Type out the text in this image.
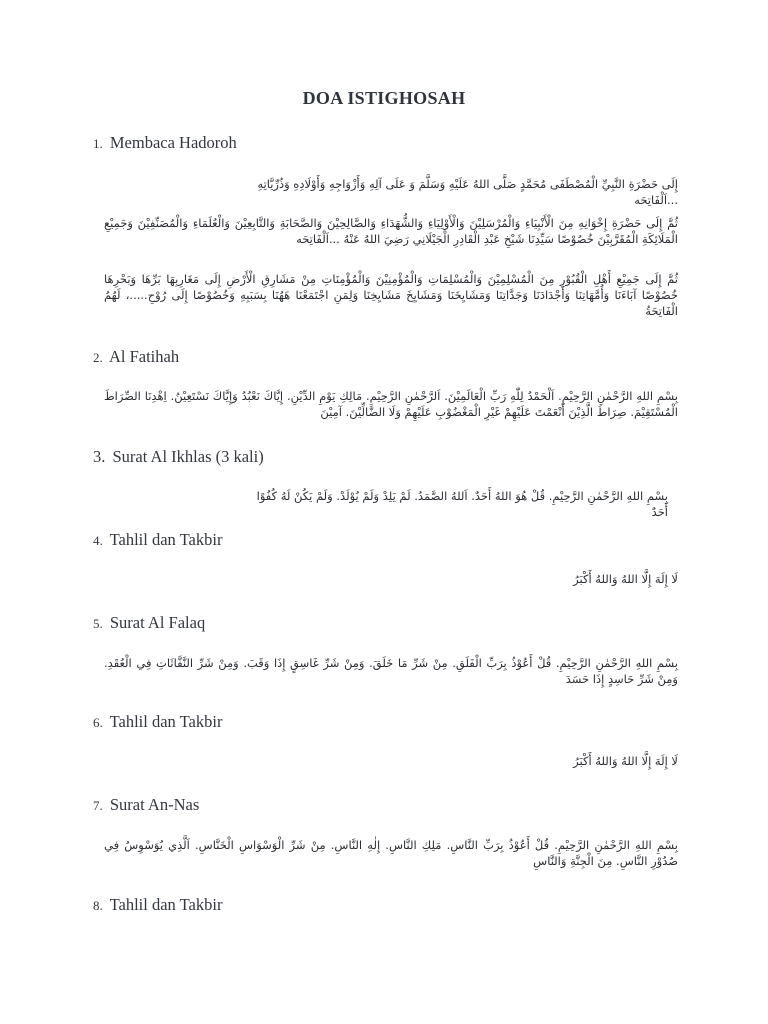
DOA ISTIGHOSAH
1. Membaca Hadoroh
إِلَى حَضْرَةِ النَّبِيِّ الْمُصْطَفَى مُحَمَّدٍ صَلَّى اللهُ عَلَيْهِ وَسَلَّمَ وَ عَلَى آلِهِ وَأَزْوَاجِهِ وَأَوْلَادِهِ وَذُرِّيَّاتِهِ ...اَلْفَاتِحَه
ثُمَّ إِلَى حَضْرَةِ إِخْوَانِهِ مِنَ الْأَنْبِيَاءِ وَالْمُرْسَلِيْنَ وَالْأَوْلِيَاءِ وَالشُّهَدَاءِ وَالصَّالِحِيْنَ وَالصَّحَابَةِ وَالتَّابِعِيْنَ وَالْعُلَمَاءِ وَالْمُصَنِّفِيْنَ وَجَمِيْعِ الْمَلَائِكَةِ الْمُقَرَّبِيْنَ خُصُوْصًا سَيِّدِنَا شَيْخِ عَبْدِ الْقَادِرِ الْجَيْلَانِي رَضِيَ اللهُ عَنْهُ ...اَلْفَاتِحَه
ثُمَّ إِلَى جَمِيْعِ أَهْلِ الْقُبُوْرِ مِنَ الْمُسْلِمِيْنَ وَالْمُسْلِمَاتِ وَالْمُؤْمِنِيْنَ وَالْمُؤْمِنَاتِ مِنْ مَشَارِقِ الْأَرْضِ إِلَى مَغَارِبِهَا بَرِّهَا وَبَحْرِهَا خُصُوْصًا آبَاءَنَا وَأُمَّهَاتِنَا وَأَجْدَادَنَا وَجَدَّاتِنَا وَمَشَايِخَنَا وَمَشَايِخَ مَشَايِخِنَا وَلِمَنِ اجْتَمَعْنَا هَهُنَا بِسَبَبِهِ وَخُصُوْصًا إِلَى رُوْحِ.....، لَهُمُ الْفَاتِحَةُ
2. Al Fatihah
بِسْمِ اللهِ الرَّحْمٰنِ الرَّحِيْمِ. اَلْحَمْدُ لِلّٰهِ رَبِّ الْعَالَمِيْنَ. اَلرَّحْمٰنِ الرَّحِيْمِ. مَالِكِ يَوْمِ الدِّيْنِ. إِيَّاكَ نَعْبُدُ وَإِيَّاكَ نَسْتَعِيْنُ. اِهْدِنَا الصِّرَاطَ الْمُسْتَقِيْمَ. صِرَاطَ الَّذِيْنَ أَنْعَمْتَ عَلَيْهِمْ غَيْرِ الْمَغْضُوْبِ عَلَيْهِمْ وَلَا الضَّالِّيْنَ. آمِيْنَ
3. Surat Al Ikhlas (3 kali)
بِسْمِ اللهِ الرَّحْمٰنِ الرَّحِيْمِ. قُلْ هُوَ اللهُ أَحَدٌ. اَللهُ الصَّمَدُ. لَمْ يَلِدْ وَلَمْ يُوْلَدْ. وَلَمْ يَكُنْ لَهُ كُفُوًا أَحَدٌ
4. Tahlil dan Takbir
لَا إِلَهَ إِلَّا اللهُ وَاللهُ أَكْبَرُ
5. Surat Al Falaq
بِسْمِ اللهِ الرَّحْمٰنِ الرَّحِيْمِ. قُلْ أَعُوْذُ بِرَبِّ الْفَلَقِ. مِنْ شَرِّ مَا خَلَقَ. وَمِنْ شَرِّ غَاسِقٍ إِذَا وَقَبَ. وَمِنْ شَرِّ النَّفَّاثَاتِ فِي الْعُقَدِ. وَمِنْ شَرِّ حَاسِدٍ إِذَا حَسَدَ
6. Tahlil dan Takbir
لَا إِلَهَ إِلَّا اللهُ وَاللهُ أَكْبَرُ
7. Surat An-Nas
بِسْمِ اللهِ الرَّحْمٰنِ الرَّحِيْمِ. قُلْ أَعُوْذُ بِرَبِّ النَّاسِ. مَلِكِ النَّاسِ. إِلٰهِ النَّاسِ. مِنْ شَرِّ الْوَسْوَاسِ الْخَنَّاسِ. اَلَّذِي يُوَسْوِسُ فِي صُدُوْرِ النَّاسِ. مِنَ الْجِنَّةِ وَالنَّاسِ
8. Tahlil dan Takbir
